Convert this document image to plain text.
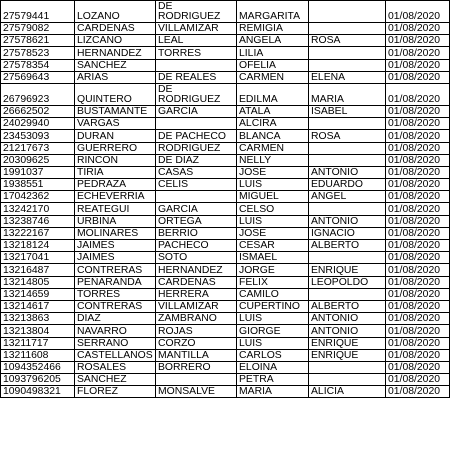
27579441	LOZANO	DE RODRIGUEZ	MARGARITA		01/08/2020
27579082	CARDENAS	VILLAMIZAR	REMIGIA		01/08/2020
27578621	LIZCANO	LEAL	ANGELA	ROSA	01/08/2020
27578523	HERNANDEZ	TORRES	LILIA		01/08/2020
27578354	SANCHEZ		OFELIA		01/08/2020
27569643	ARIAS	DE REALES	CARMEN	ELENA	01/08/2020
26796923	QUINTERO	DE RODRIGUEZ	EDILMA	MARIA	01/08/2020
26662502	BUSTAMANTE	GARCIA	ATALA	ISABEL	01/08/2020
24029940	VARGAS		ALCIRA		01/08/2020
23453093	DURAN	DE PACHECO	BLANCA	ROSA	01/08/2020
21217673	GUERRERO	RODRIGUEZ	CARMEN		01/08/2020
20309625	RINCON	DE DIAZ	NELLY		01/08/2020
1991037	TIRIA	CASAS	JOSE	ANTONIO	01/08/2020
1938551	PEDRAZA	CELIS	LUIS	EDUARDO	01/08/2020
17042362	ECHEVERRIA		MIGUEL	ANGEL	01/08/2020
13242170	REATEGUI	GARCIA	CELSO		01/08/2020
13238746	URBINA	ORTEGA	LUIS	ANTONIO	01/08/2020
13222167	MOLINARES	BERRIO	JOSE	IGNACIO	01/08/2020
13218124	JAIMES	PACHECO	CESAR	ALBERTO	01/08/2020
13217041	JAIMES	SOTO	ISMAEL		01/08/2020
13216487	CONTRERAS	HERNANDEZ	JORGE	ENRIQUE	01/08/2020
13214805	PEÑARANDA	CARDENAS	FELIX	LEOPOLDO	01/08/2020
13214659	TORRES	HERRERA	CAMILO		01/08/2020
13214617	CONTRERAS	VILLAMIZAR	CUPERTINO	ALBERTO	01/08/2020
13213863	DIAZ	ZAMBRANO	LUIS	ANTONIO	01/08/2020
13213804	NAVARRO	ROJAS	GIORGE	ANTONIO	01/08/2020
13211717	SERRANO	CORZO	LUIS	ENRIQUE	01/08/2020
13211608	CASTELLANOS	MANTILLA	CARLOS	ENRIQUE	01/08/2020
1094352466	ROSALES	BORRERO	ELOINA		01/08/2020
1093796205	SANCHEZ		PETRA		01/08/2020
1090498321	FLOREZ	MONSALVE	MARIA	ALICIA	01/08/2020
